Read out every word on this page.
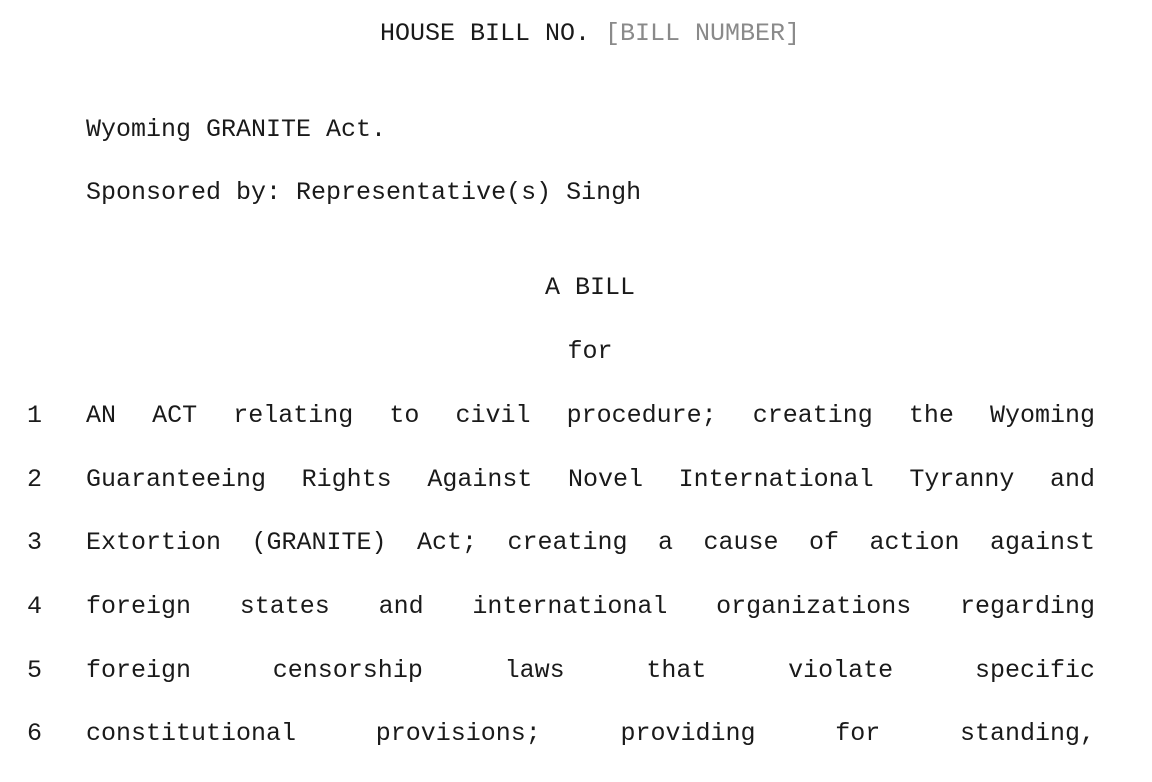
HOUSE BILL NO. [BILL NUMBER]
Wyoming GRANITE Act.
Sponsored by: Representative(s) Singh
A BILL
for
1 AN ACT relating to civil procedure; creating the Wyoming
2 Guaranteeing Rights Against Novel International Tyranny and
3 Extortion (GRANITE) Act; creating a cause of action against
4 foreign states and international organizations regarding
5 foreign censorship laws that violate specific
6 constitutional provisions; providing for standing,
